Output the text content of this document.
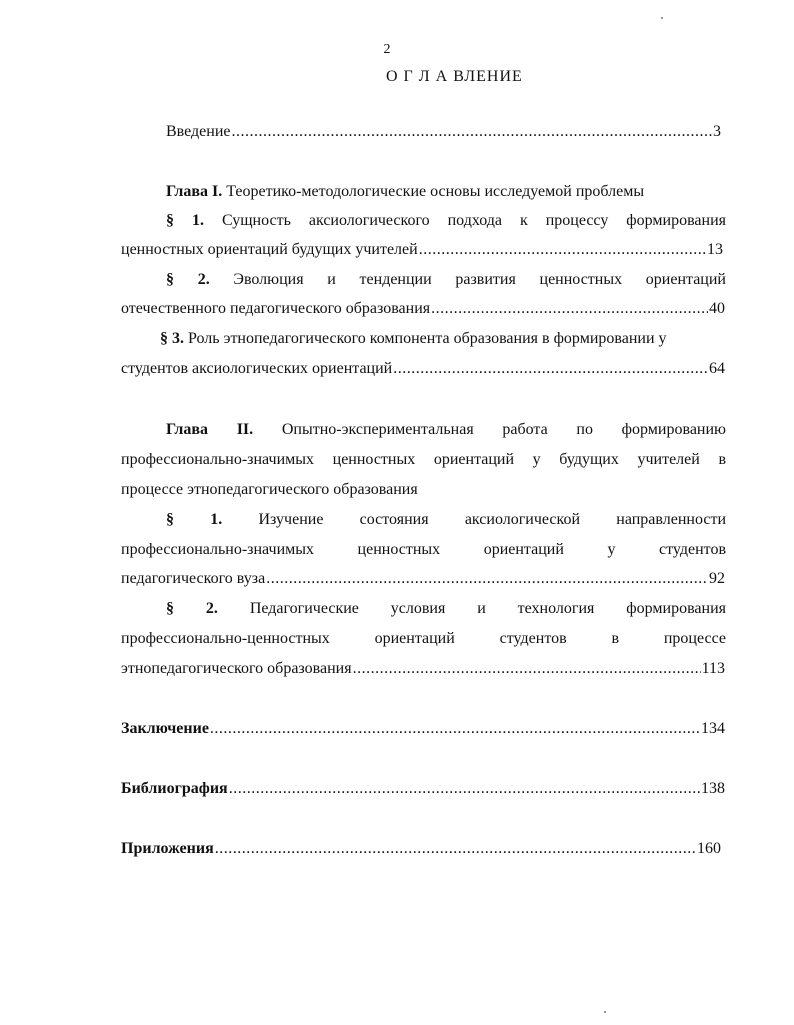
2
О Г Л А ВЛЕНИЕ
Введение .....	3
Глава I. Теоретико-методологические основы исследуемой проблемы
§ 1. Сущность аксиологического подхода к процессу формирования
ценностных ориентаций будущих учителей .....	13
§ 2. Эволюция и тенденции развития ценностных ориентаций
отечественного педагогического образования .....	40
§ 3. Роль этнопедагогического компонента образования в формировании у
студентов аксиологических ориентаций .....	64
Глава II. Опытно-экспериментальная работа по формированию
профессионально-значимых ценностных ориентаций у будущих учителей в
процессе этнопедагогического образования
§ 1. Изучение состояния аксиологической направленности
профессионально-значимых ценностных ориентаций у студентов
педагогического вуза .....	92
§ 2. Педагогические условия и технология формирования
профессионально-ценностных ориентаций студентов в процессе
этнопедагогического образования .....	113
Заключение .....	134
Библиография .....	138
Приложения .....	160
